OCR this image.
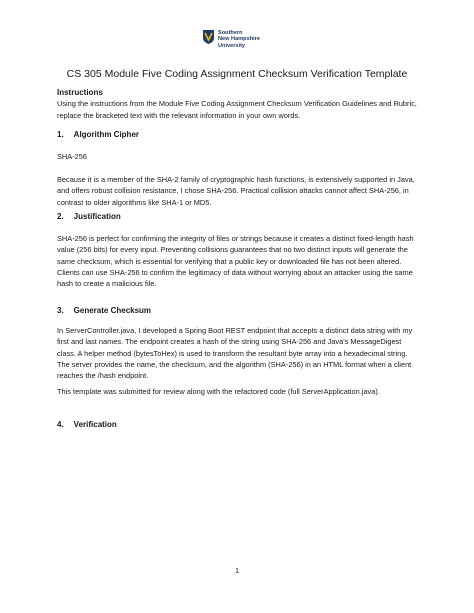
Southern
New Hampshire
University
CS 305 Module Five Coding Assignment Checksum Verification Template
Instructions
Using the instructions from the Module Five Coding Assignment Checksum Verification Guidelines and Rubric, replace the bracketed text with the relevant information in your own words.
1. Algorithm Cipher
SHA-256
Because it is a member of the SHA-2 family of cryptographic hash functions, is extensively supported in Java, and offers robust collision resistance, I chose SHA-256. Practical collision attacks cannot affect SHA-256, in contrast to older algorithms like SHA-1 or MD5.
2. Justification
SHA-256 is perfect for confirming the integrity of files or strings because it creates a distinct fixed-length hash value (256 bits) for every input. Preventing collisions guarantees that no two distinct inputs will generate the same checksum, which is essential for verifying that a public key or downloaded file has not been altered. Clients can use SHA-256 to confirm the legitimacy of data without worrying about an attacker using the same hash to create a malicious file.
3. Generate Checksum
In ServerController.java, I developed a Spring Boot REST endpoint that accepts a distinct data string with my first and last names. The endpoint creates a hash of the string using SHA-256 and Java's MessageDigest class. A helper method (bytesToHex) is used to transform the resultant byte array into a hexadecimal string. The server provides the name, the checksum, and the algorithm (SHA-256) in an HTML format when a client reaches the /hash endpoint.
This template was submitted for review along with the refactored code (full ServerApplication.java).
4. Verification
1
